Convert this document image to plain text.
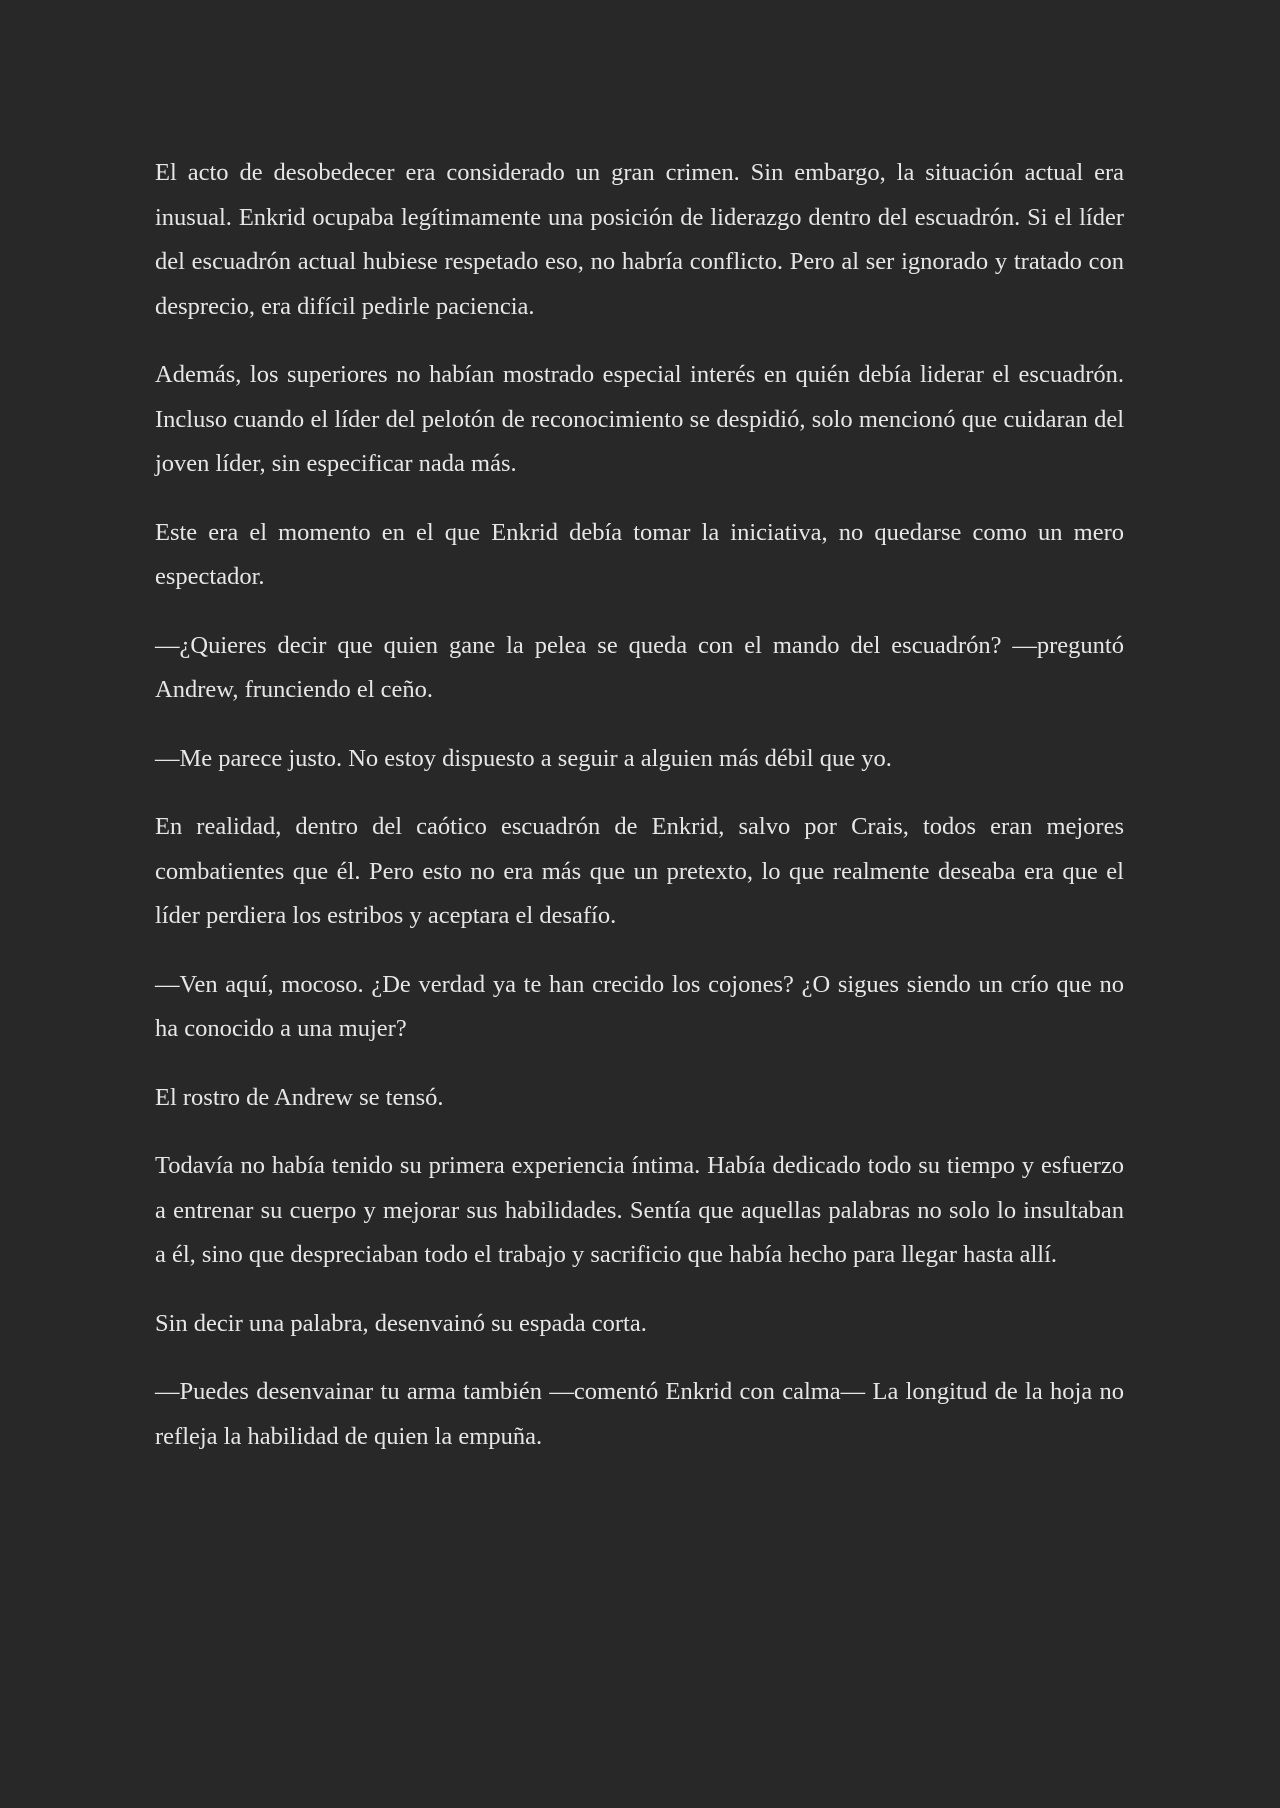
El acto de desobedecer era considerado un gran crimen. Sin embargo, la situación actual era inusual. Enkrid ocupaba legítimamente una posición de liderazgo dentro del escuadrón. Si el líder del escuadrón actual hubiese respetado eso, no habría conflicto. Pero al ser ignorado y tratado con desprecio, era difícil pedirle paciencia.

Además, los superiores no habían mostrado especial interés en quién debía liderar el escuadrón. Incluso cuando el líder del pelotón de reconocimiento se despidió, solo mencionó que cuidaran del joven líder, sin especificar nada más.

Este era el momento en el que Enkrid debía tomar la iniciativa, no quedarse como un mero espectador.

—¿Quieres decir que quien gane la pelea se queda con el mando del escuadrón? —preguntó Andrew, frunciendo el ceño.

—Me parece justo. No estoy dispuesto a seguir a alguien más débil que yo.

En realidad, dentro del caótico escuadrón de Enkrid, salvo por Crais, todos eran mejores combatientes que él. Pero esto no era más que un pretexto, lo que realmente deseaba era que el líder perdiera los estribos y aceptara el desafío.

—Ven aquí, mocoso. ¿De verdad ya te han crecido los cojones? ¿O sigues siendo un crío que no ha conocido a una mujer?

El rostro de Andrew se tensó.

Todavía no había tenido su primera experiencia íntima. Había dedicado todo su tiempo y esfuerzo a entrenar su cuerpo y mejorar sus habilidades. Sentía que aquellas palabras no solo lo insultaban a él, sino que despreciaban todo el trabajo y sacrificio que había hecho para llegar hasta allí.

Sin decir una palabra, desenvainó su espada corta.

—Puedes desenvainar tu arma también —comentó Enkrid con calma— La longitud de la hoja no refleja la habilidad de quien la empuña.
